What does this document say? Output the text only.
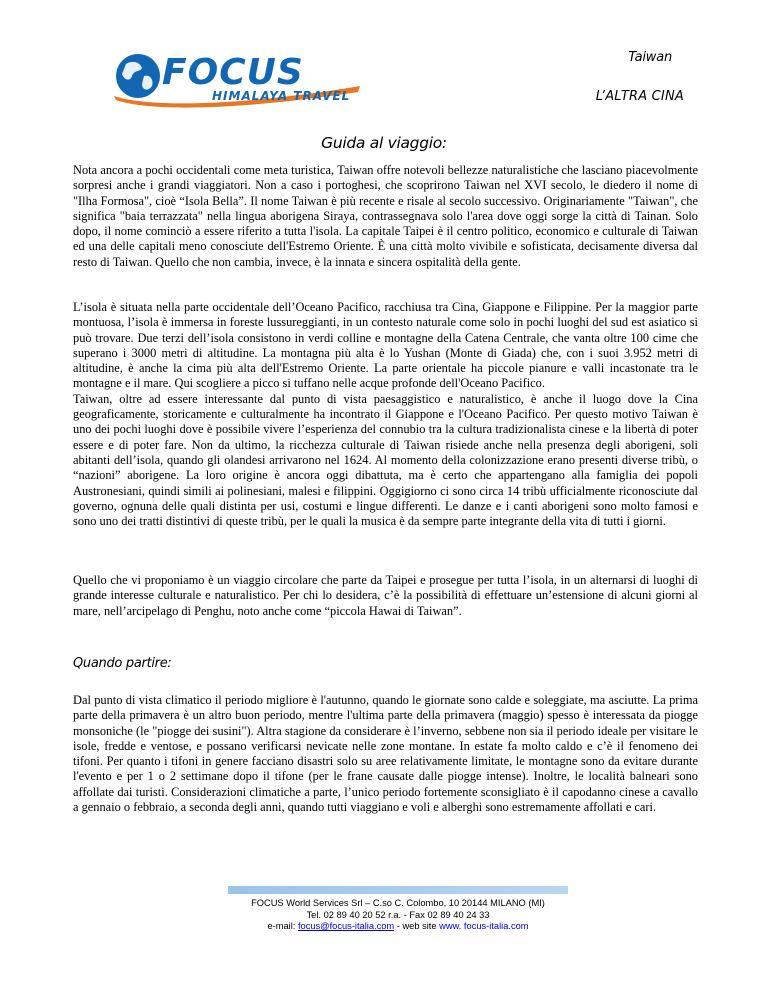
FOCUS
HIMALAYA TRAVEL
Taiwan
L’ALTRA CINA
Guida al viaggio:

Nota ancora a pochi occidentali come meta turistica, Taiwan offre notevoli bellezze naturalistiche che lasciano piacevolmente sorpresi anche i grandi viaggiatori. Non a caso i portoghesi, che scoprirono Taiwan nel XVI secolo, le diedero il nome di "Ilha Formosa", cioè “Isola Bella”. Il nome Taiwan è più recente e risale al secolo successivo. Originariamente "Taiwan", che significa "baia terrazzata" nella lingua aborigena Siraya, contrassegnava solo l'area dove oggi sorge la città di Tainan. Solo dopo, il nome cominciò a essere riferito a tutta l'isola. La capitale Taipei è il centro politico, economico e culturale di Taiwan ed una delle capitali meno conosciute dell'Estremo Oriente. È una città molto vivibile e sofisticata, decisamente diversa dal resto di Taiwan. Quello che non cambia, invece, è la innata e sincera ospitalità della gente.

L’isola è situata nella parte occidentale dell’Oceano Pacifico, racchiusa tra Cina, Giappone e Filippine. Per la maggior parte montuosa, l’isola è immersa in foreste lussureggianti, in un contesto naturale come solo in pochi luoghi del sud est asiatico si può trovare. Due terzi dell’isola consistono in verdi colline e montagne della Catena Centrale, che vanta oltre 100 cime che superano i 3000 metri di altitudine. La montagna più alta è lo Yushan (Monte di Giada) che, con i suoi 3.952 metri di altitudine, è anche la cima più alta dell'Estremo Oriente. La parte orientale ha piccole pianure e valli incastonate tra le montagne e il mare. Qui scogliere a picco si tuffano nelle acque profonde dell'Oceano Pacifico.

Taiwan, oltre ad essere interessante dal punto di vista paesaggistico e naturalistico, è anche il luogo dove la Cina geograficamente, storicamente e culturalmente ha incontrato il Giappone e l'Oceano Pacifico. Per questo motivo Taiwan è uno dei pochi luoghi dove è possibile vivere l’esperienza del connubio tra la cultura tradizionalista cinese e la libertà di poter essere e di poter fare. Non da ultimo, la ricchezza culturale di Taiwan risiede anche nella presenza degli aborigeni, soli abitanti dell’isola, quando gli olandesi arrivarono nel 1624. Al momento della colonizzazione erano presenti diverse tribù, o “nazioni” aborigene. La loro origine è ancora oggi dibattuta, ma è certo che appartengano alla famiglia dei popoli Austronesiani, quindi simili ai polinesiani, malesi e filippini. Oggigiorno ci sono circa 14 tribù ufficialmente riconosciute dal governo, ognuna delle quali distinta per usi, costumi e lingue differenti. Le danze e i canti aborigeni sono molto famosi e sono uno dei tratti distintivi di queste tribù, per le quali la musica è da sempre parte integrante della vita di tutti i giorni.

Quello che vi proponiamo è un viaggio circolare che parte da Taipei e prosegue per tutta l’isola, in un alternarsi di luoghi di grande interesse culturale e naturalistico. Per chi lo desidera, c’è la possibilità di effettuare un’estensione di alcuni giorni al mare, nell’arcipelago di Penghu, noto anche come “piccola Hawai di Taiwan”.

Quando partire:

Dal punto di vista climatico il periodo migliore è l'autunno, quando le giornate sono calde e soleggiate, ma asciutte. La prima parte della primavera è un altro buon periodo, mentre l'ultima parte della primavera (maggio) spesso è interessata da piogge monsoniche (le "piogge dei susini"). Altra stagione da considerare è l’inverno, sebbene non sia il periodo ideale per visitare le isole, fredde e ventose, e possano verificarsi nevicate nelle zone montane. In estate fa molto caldo e c’è il fenomeno dei tifoni. Per quanto i tifoni in genere facciano disastri solo su aree relativamente limitate, le montagne sono da evitare durante l'evento e per 1 o 2 settimane dopo il tifone (per le frane causate dalle piogge intense). Inoltre, le località balneari sono affollate dai turisti. Considerazioni climatiche a parte, l’unico periodo fortemente sconsigliato è il capodanno cinese a cavallo a gennaio o febbraio, a seconda degli anni, quando tutti viaggiano e voli e alberghi sono estremamente affollati e cari.

FOCUS World Services Srl – C.so C. Colombo, 10 20144 MILANO (MI)
Tel. 02 89 40 20 52 r.a. - Fax 02 89 40 24 33
e-mail: focus@focus-italia.com - web site www. focus-italia.com
